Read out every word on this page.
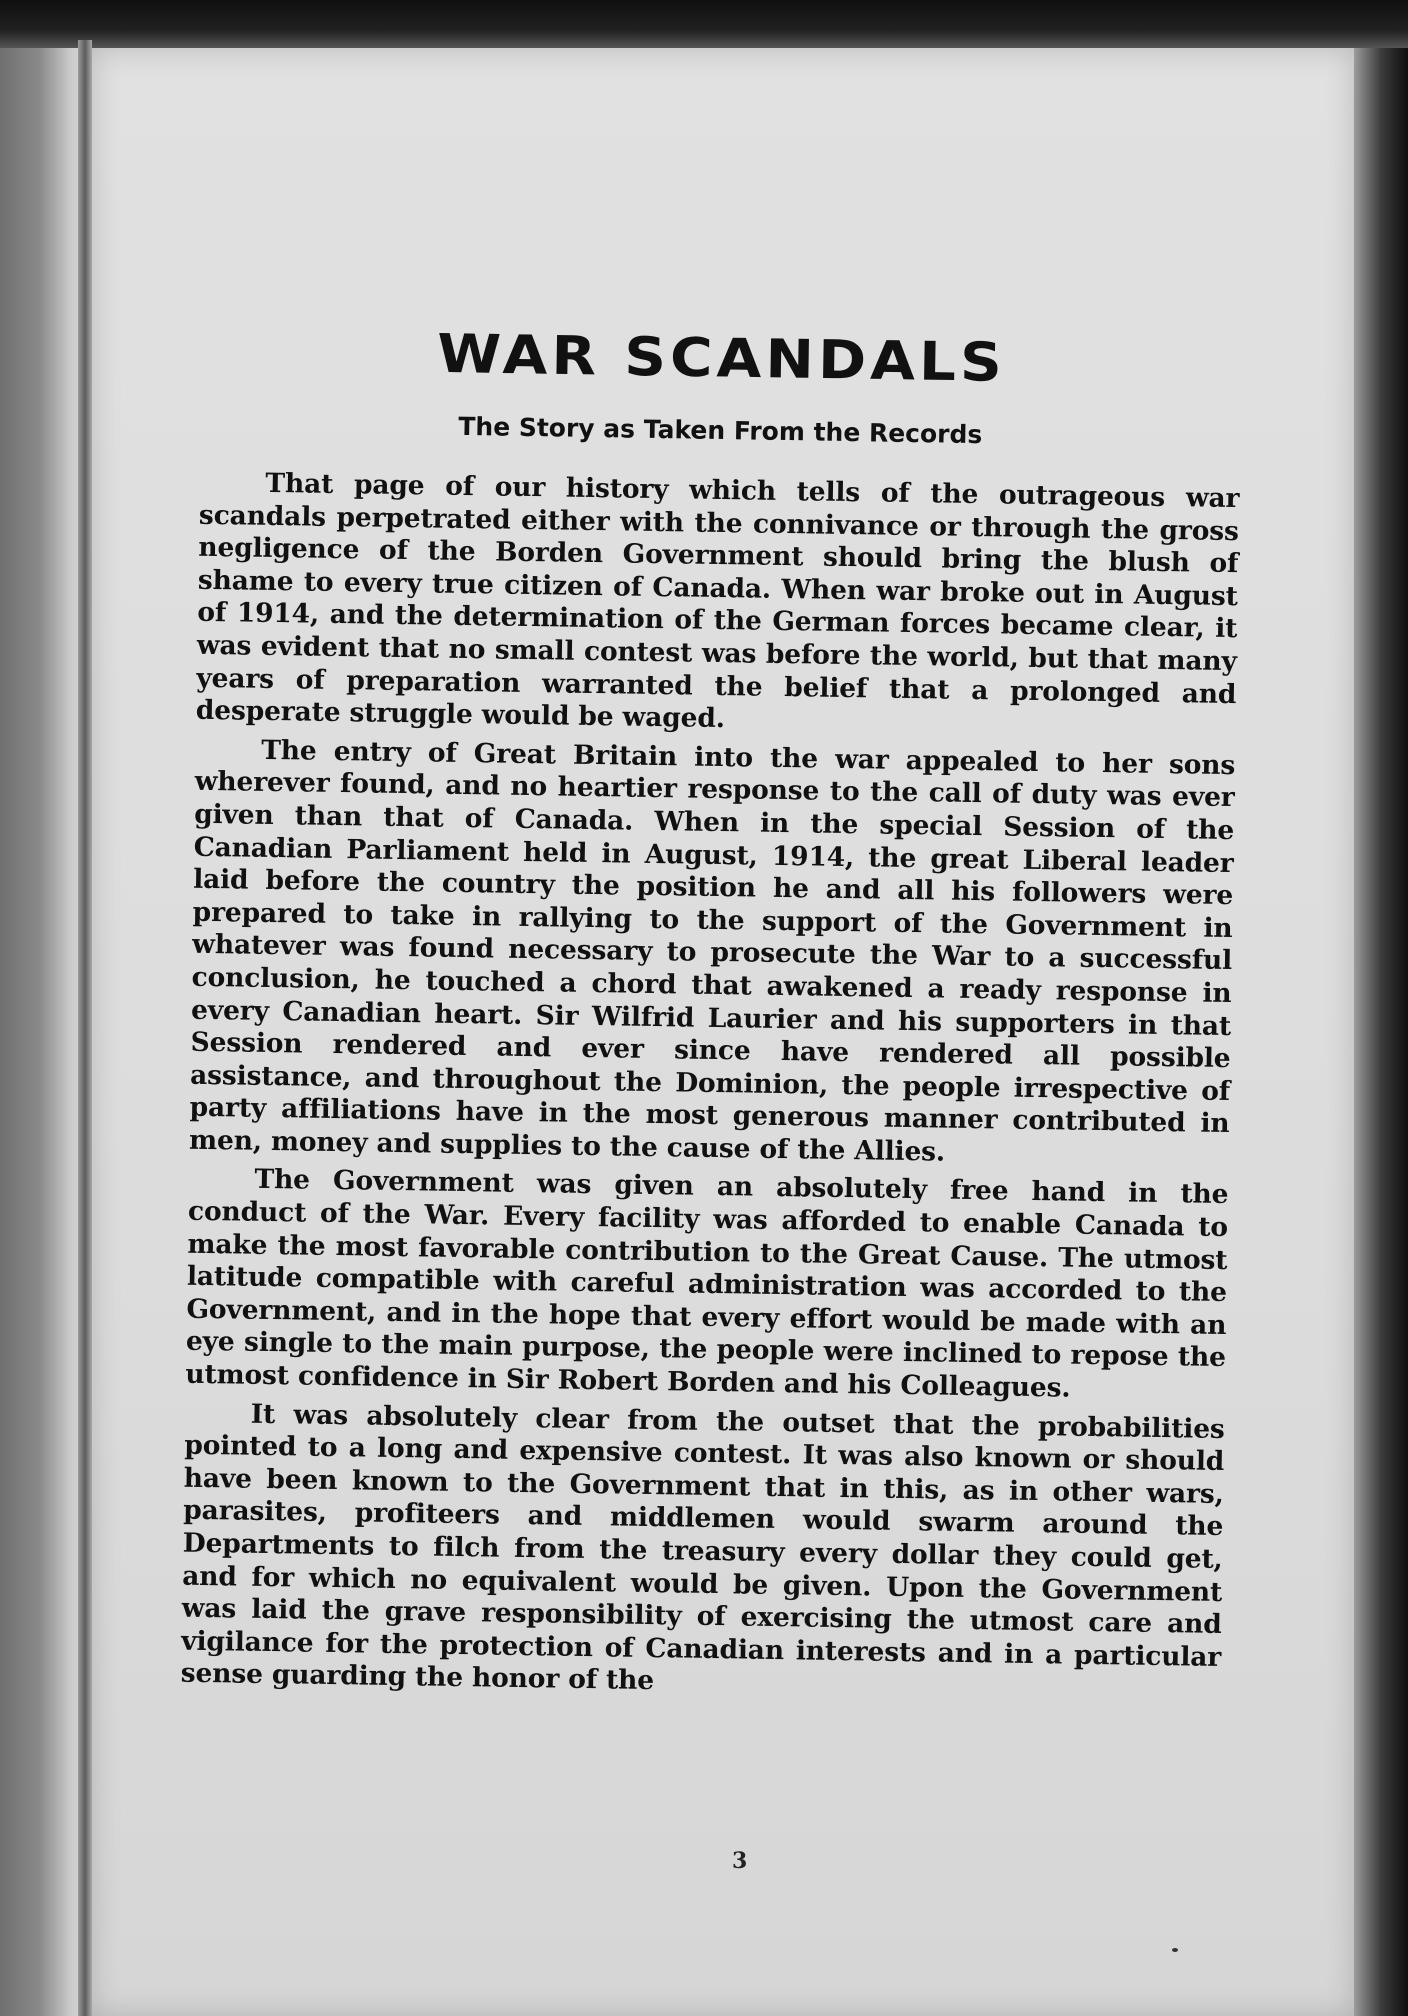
WAR SCANDALS
The Story as Taken From the Records

That page of our history which tells of the outrageous war scandals perpetrated either with the connivance or through the gross negligence of the Borden Government should bring the blush of shame to every true citizen of Canada. When war broke out in August of 1914, and the determination of the German forces became clear, it was evident that no small contest was before the world, but that many years of preparation warranted the belief that a prolonged and desperate struggle would be waged.

The entry of Great Britain into the war appealed to her sons wherever found, and no heartier response to the call of duty was ever given than that of Canada. When in the special Session of the Canadian Parliament held in August, 1914, the great Liberal leader laid before the country the position he and all his followers were prepared to take in rallying to the support of the Government in whatever was found necessary to prosecute the War to a successful conclusion, he touched a chord that awakened a ready response in every Canadian heart. Sir Wilfrid Laurier and his supporters in that Session rendered and ever since have rendered all possible assistance, and throughout the Dominion, the people irrespective of party affiliations have in the most generous manner contributed in men, money and supplies to the cause of the Allies.

The Government was given an absolutely free hand in the conduct of the War. Every facility was afforded to enable Canada to make the most favorable contribution to the Great Cause. The utmost latitude compatible with careful administration was accorded to the Government, and in the hope that every effort would be made with an eye single to the main purpose, the people were inclined to repose the utmost confidence in Sir Robert Borden and his Colleagues.

It was absolutely clear from the outset that the probabilities pointed to a long and expensive contest. It was also known or should have been known to the Government that in this, as in other wars, parasites, profiteers and middlemen would swarm around the Departments to filch from the treasury every dollar they could get, and for which no equivalent would be given. Upon the Government was laid the grave responsibility of exercising the utmost care and vigilance for the protection of Canadian interests and in a particular sense guarding the honor of the

3
